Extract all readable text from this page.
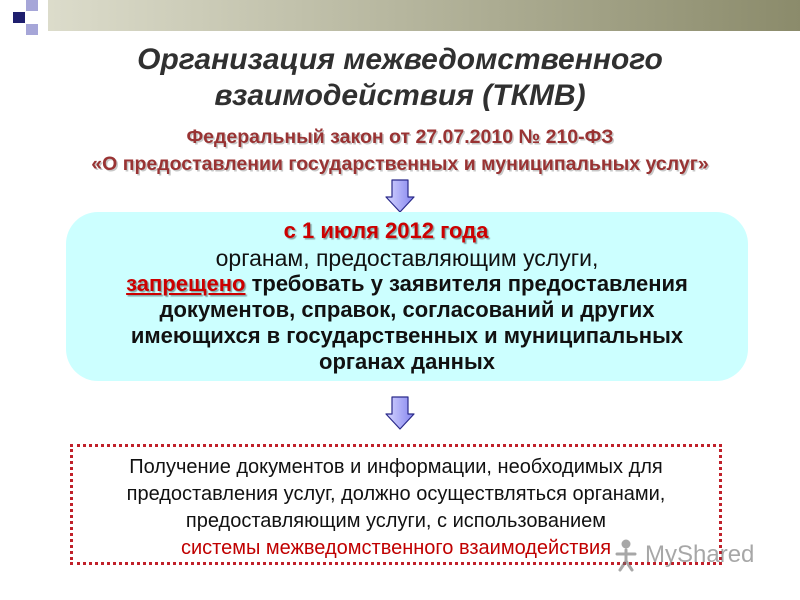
Организация межведомственного
взаимодействия (ТКМВ)
Федеральный закон от 27.07.2010 № 210-ФЗ
«О предоставлении государственных и муниципальных услуг»
с 1 июля 2012 года
органам, предоставляющим услуги,
запрещено требовать у заявителя предоставления
документов, справок, согласований и других
имеющихся в государственных и муниципальных
органах данных
Получение документов и информации, необходимых для
предоставления услуг, должно осуществляться органами,
предоставляющим услуги, с использованием
системы межведомственного взаимодействия	MyShared
